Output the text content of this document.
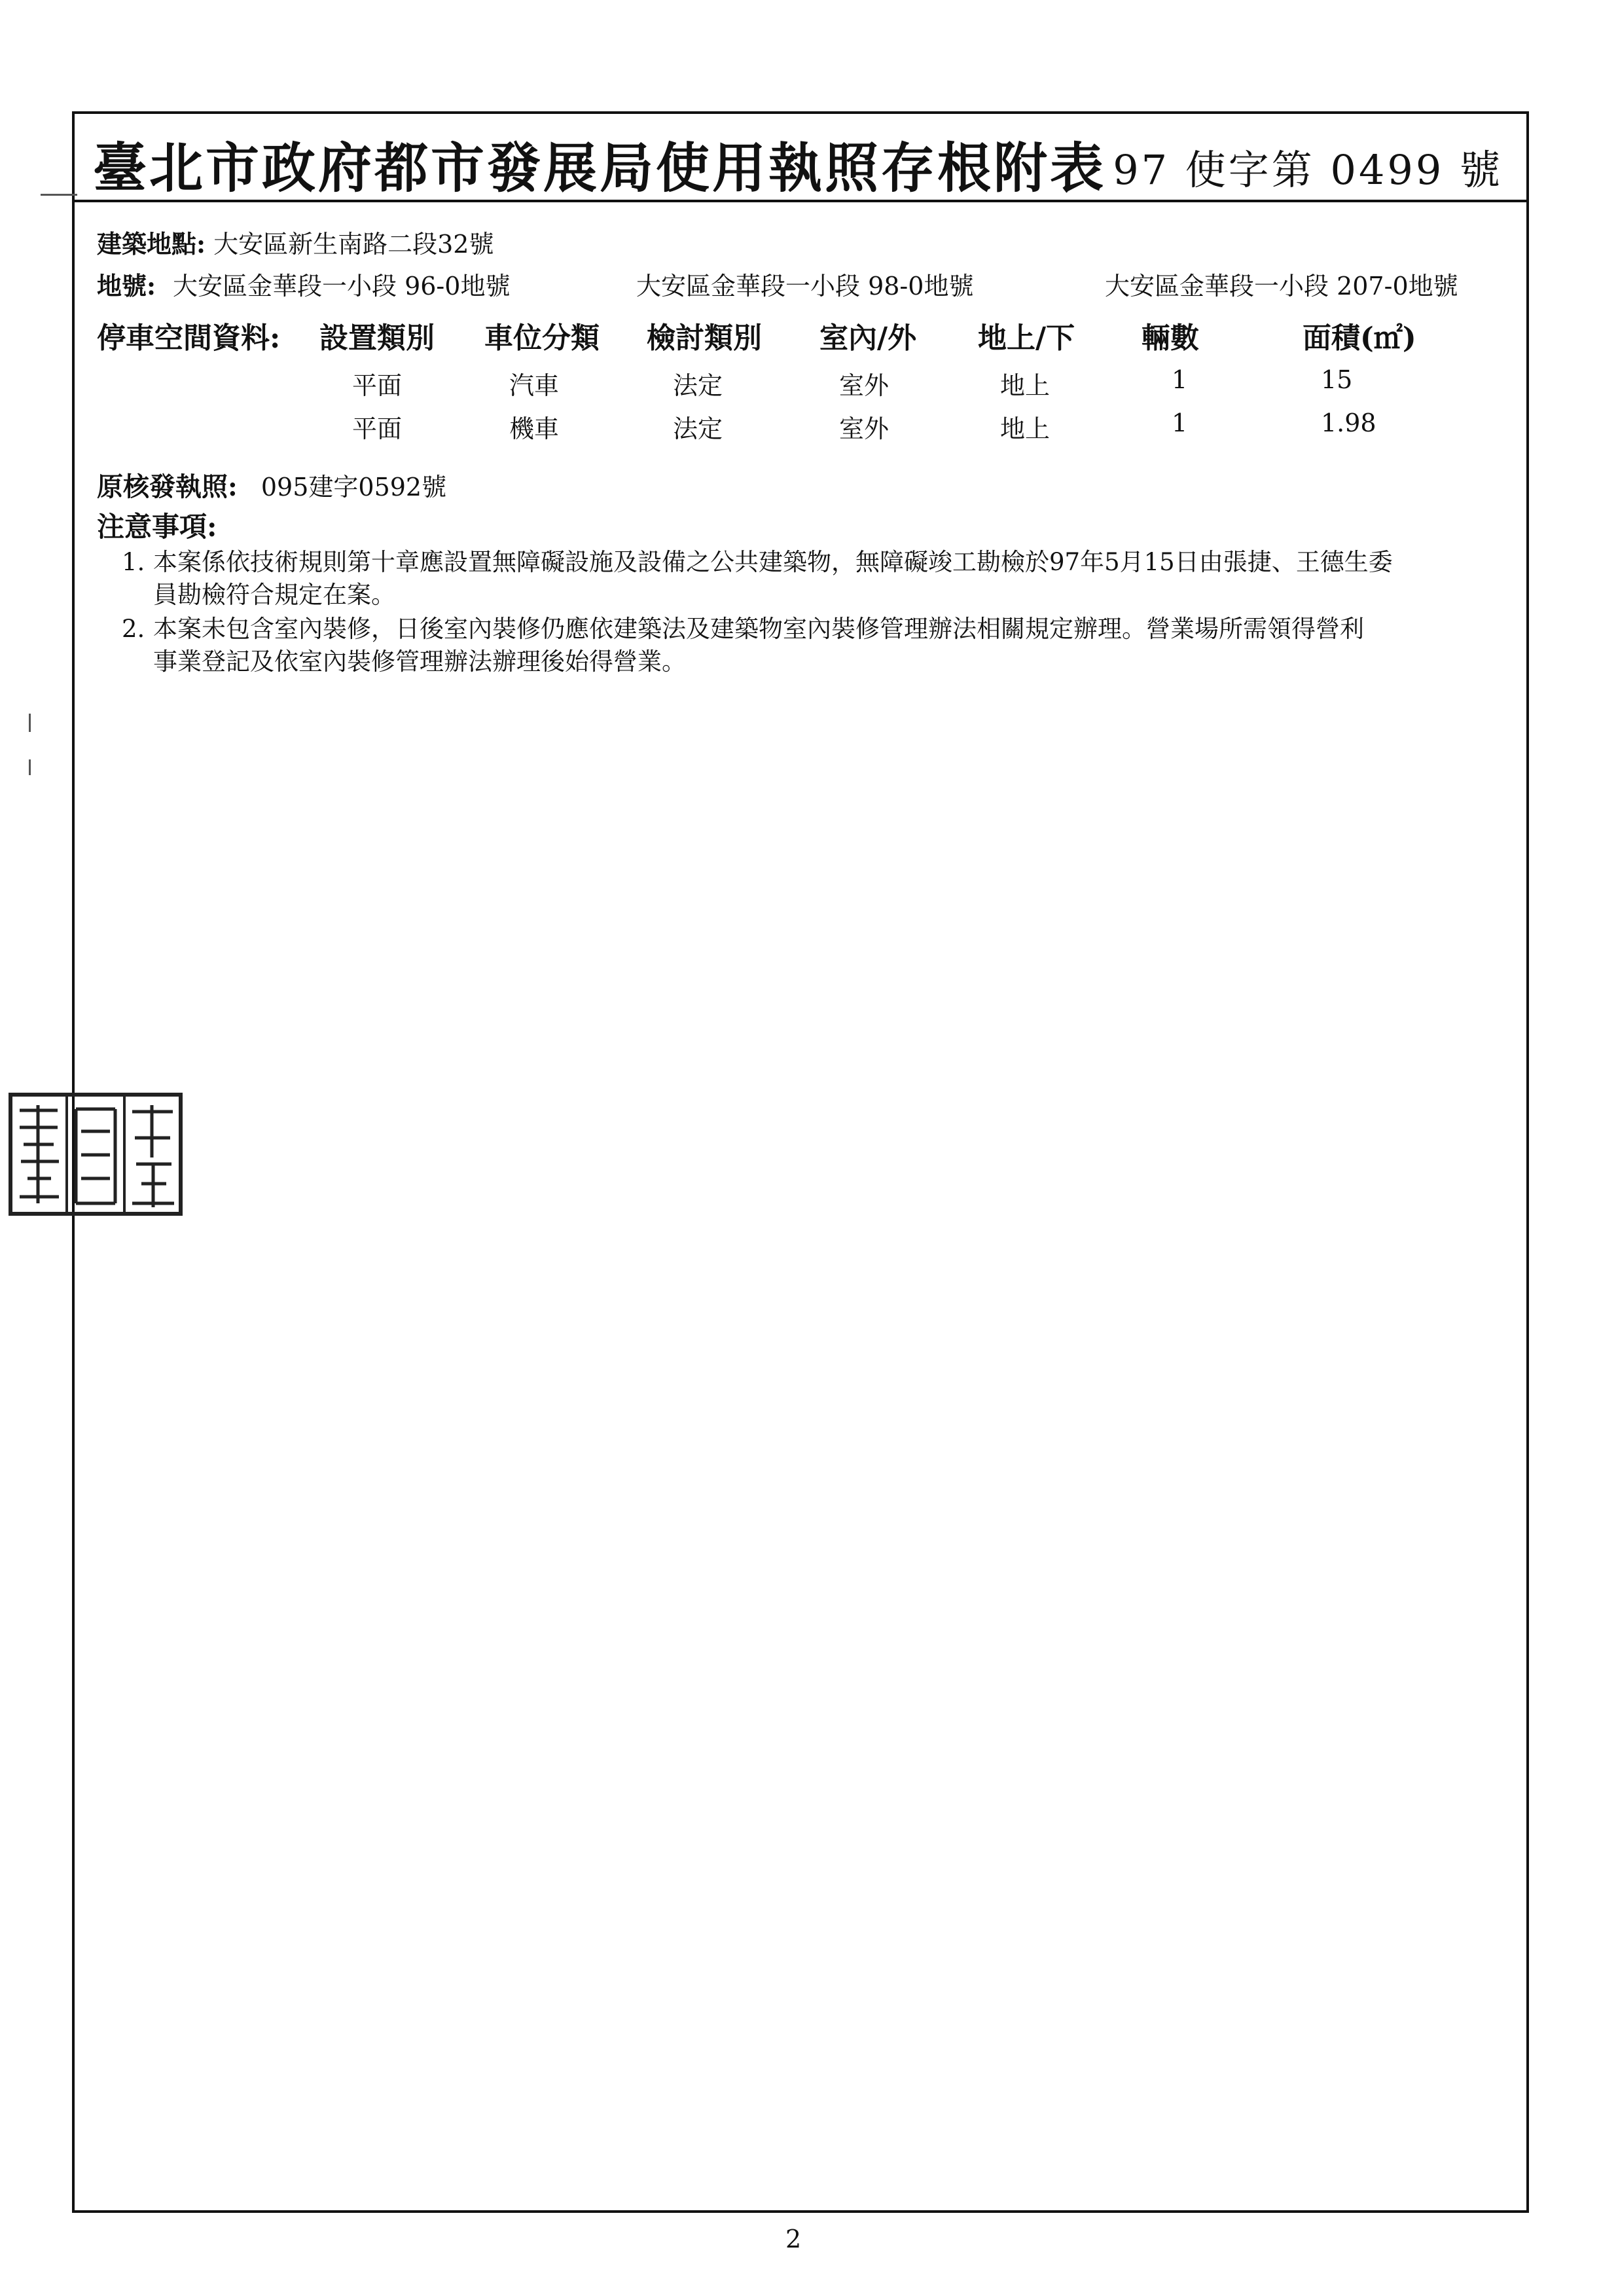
臺北市政府都市發展局使用執照存根附表 97 使字第 0499 號
建築地點: 大安區新生南路二段32號
地號: 大安區金華段一小段 96-0地號	大安區金華段一小段 98-0地號	大安區金華段一小段 207-0地號
停車空間資料: 設置類別 車位分類 檢討類別 室內/外 地上/下 輛數	面積(㎡)
平面	汽車	法定	室外	地上	1	15
平面	機車	法定	室外	地上	1	1.98
原核發執照: 095建字0592號
注意事項:
1. 本案係依技術規則第十章應設置無障礙設施及設備之公共建築物，無障礙竣工勘檢於97年5月15日由張捷、王德生委
員勘檢符合規定在案。
2. 本案未包含室內裝修，日後室內裝修仍應依建築法及建築物室內裝修管理辦法相關規定辦理。營業場所需領得營利
事業登記及依室內裝修管理辦法辦理後始得營業。
2
